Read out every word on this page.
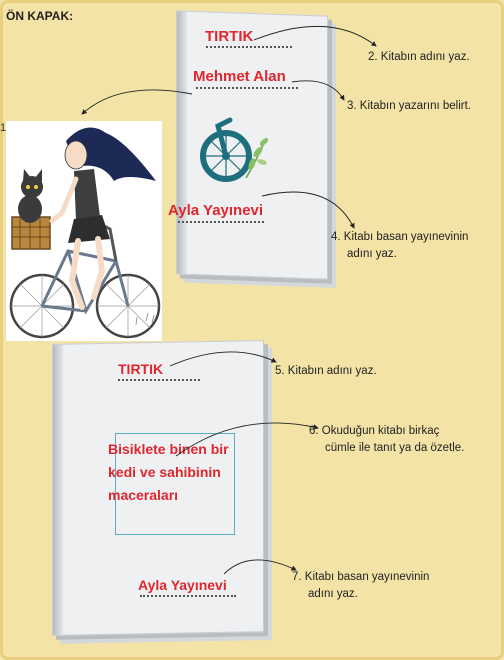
ÖN KAPAK:
1
TIRTIK
Mehmet Alan
Ayla Yayınevi
TIRTIK
Bisiklete binen bir
kedi ve sahibinin
maceraları
Ayla Yayınevi
2. Kitabın adını yaz.
3. Kitabın yazarını belirt.
4. Kitabı basan yayınevinin
adını yaz.
5. Kitabın adını yaz.
6. Okuduğun kitabı birkaç
cümle ile tanıt ya da özetle.
7. Kitabı basan yayınevinin
adını yaz.
